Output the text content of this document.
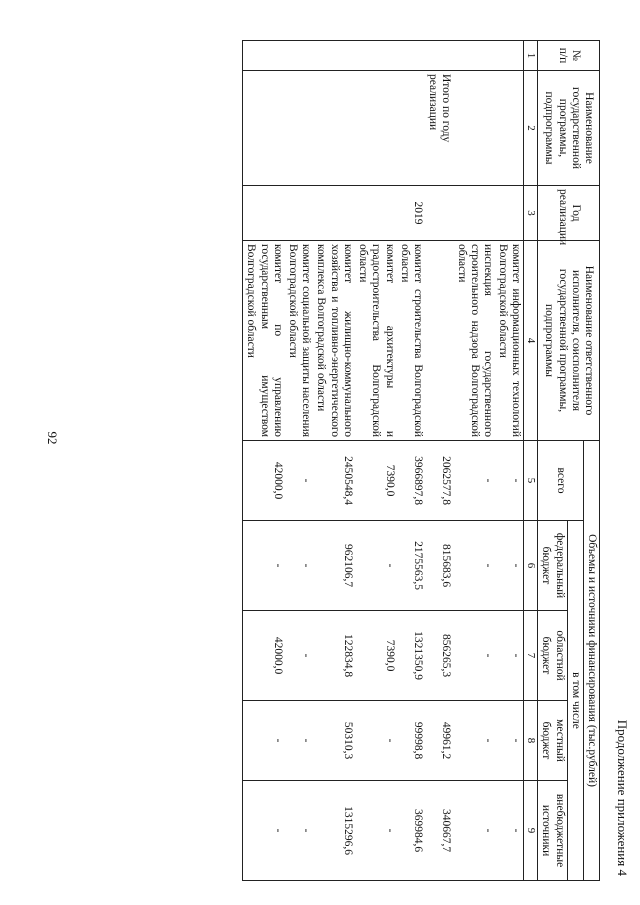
92
Продолжение приложения 4
№ п/п	Наименование государственной программы, подпрограммы	Год реализации	Наименование ответственного исполнителя, соисполнителя государственной программы, подпрограммы	Объемы и источники финансирования (тыс.рублей)				
				всего	в том числе			
					федеральный бюджет	областной бюджет	местный бюджет	внебюджетные источники
1	2	3	4	5	6	7	8	9
			комитет информационных технологий Волгоградской области	-	-	-	-	-
			инспекция государственного строительного надзора Волгоградской области	-	-	-	-	-
	Итого по году реализации			2062577,8	815683,6	856265,3	49961,2	340667,7
		2019	комитет строительства Волгоградской области	3966897,8	2175563,5	1321350,9	99998,8	369984,6
			комитет архитектуры и градостроительства Волгоградской области	7390,0	-	7390,0	-	-
			комитет жилищно-коммунального хозяйства и топливно-энергетического комплекса Волгоградской области	2450548,4	962106,7	122834,8	50310,3	1315296,6
			комитет социальной защиты населения Волгоградской области	-	-	-	-	-
			комитет по управлению государственным имуществом Волгоградской области	42000,0	-	42000,0	-	-
